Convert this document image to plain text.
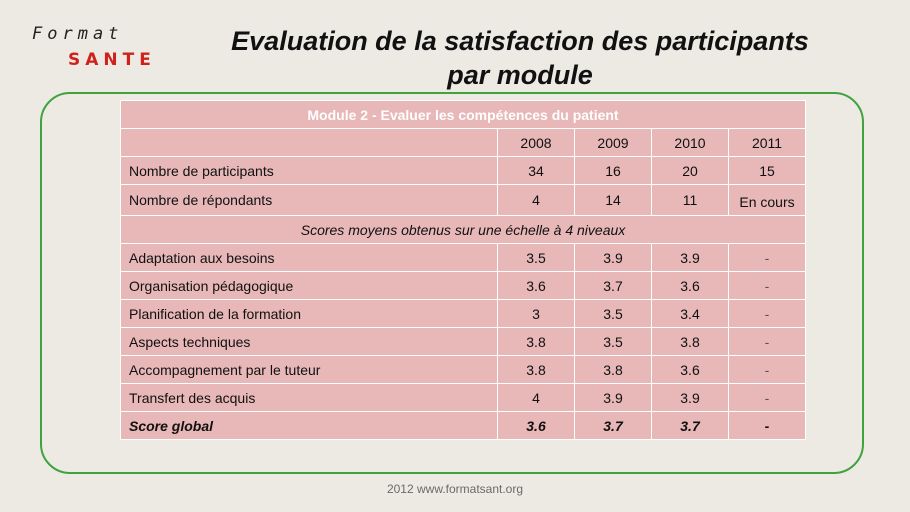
Format
SANTE
Evaluation de la satisfaction des participants
par module
Module 2 - Evaluer les compétences du patient				
	2008	2009	2010	2011
Nombre de participants	34	16	20	15
Nombre de répondants	4	14	11	En cours
Scores moyens obtenus sur une échelle à 4 niveaux				
Adaptation aux besoins	3.5	3.9	3.9	-
Organisation pédagogique	3.6	3.7	3.6	-
Planification de la formation	3	3.5	3.4	-
Aspects techniques	3.8	3.5	3.8	-
Accompagnement par le tuteur	3.8	3.8	3.6	-
Transfert des acquis	4	3.9	3.9	-
Score global	3.6	3.7	3.7	-
2012 www.formatsant.org
